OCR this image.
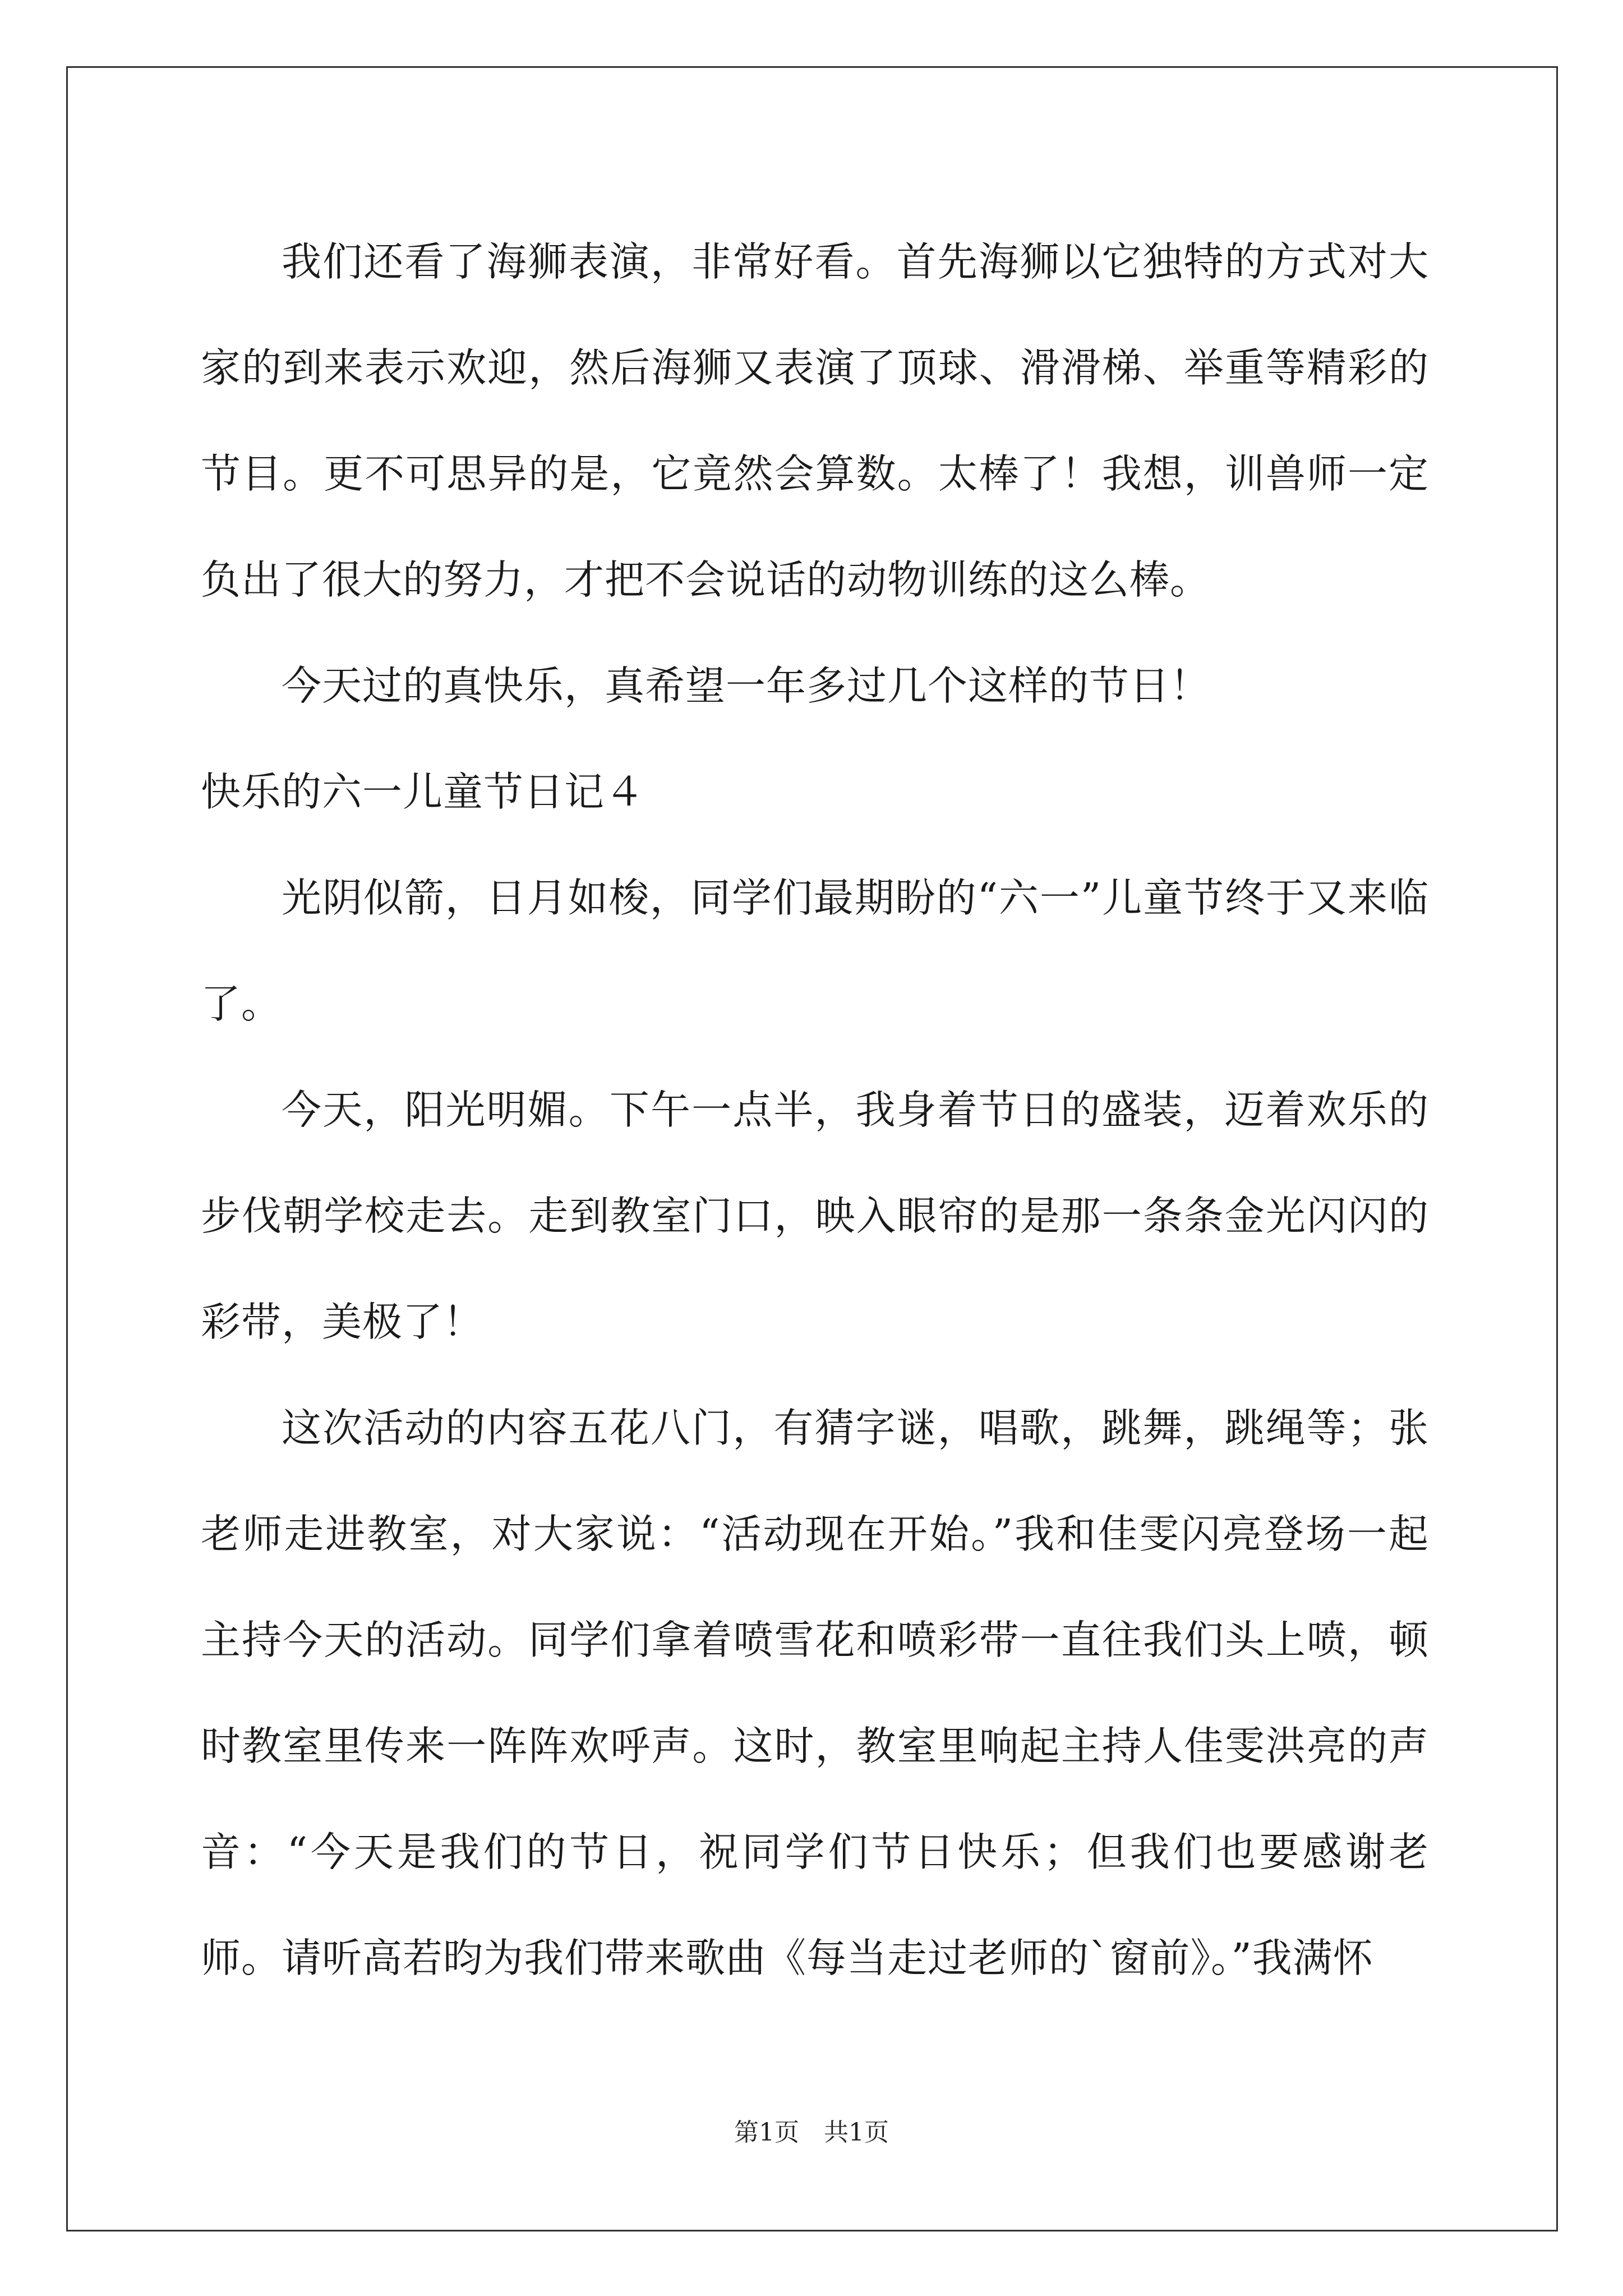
我们还看了海狮表演，非常好看。首先海狮以它独特的方式对大家的到来表示欢迎，然后海狮又表演了顶球、滑滑梯、举重等精彩的节目。更不可思异的是，它竟然会算数。太棒了！我想，训兽师一定负出了很大的努力，才把不会说话的动物训练的这么棒。

今天过的真快乐，真希望一年多过几个这样的节日！

快乐的六一儿童节日记４

光阴似箭，日月如梭，同学们最期盼的“六一”儿童节终于又来临了。

今天，阳光明媚。下午一点半，我身着节日的盛装，迈着欢乐的步伐朝学校走去。走到教室门口，映入眼帘的是那一条条金光闪闪的彩带，美极了！

这次活动的内容五花八门，有猜字谜，唱歌，跳舞，跳绳等；张老师走进教室，对大家说：“活动现在开始。”我和佳雯闪亮登场一起主持今天的活动。同学们拿着喷雪花和喷彩带一直往我们头上喷，顿时教室里传来一阵阵欢呼声。这时，教室里响起主持人佳雯洪亮的声音：“今天是我们的节日，祝同学们节日快乐；但我们也要感谢老师。请听高若昀为我们带来歌曲《每当走过老师的`窗前》。”我满怀

第1页　共1页
